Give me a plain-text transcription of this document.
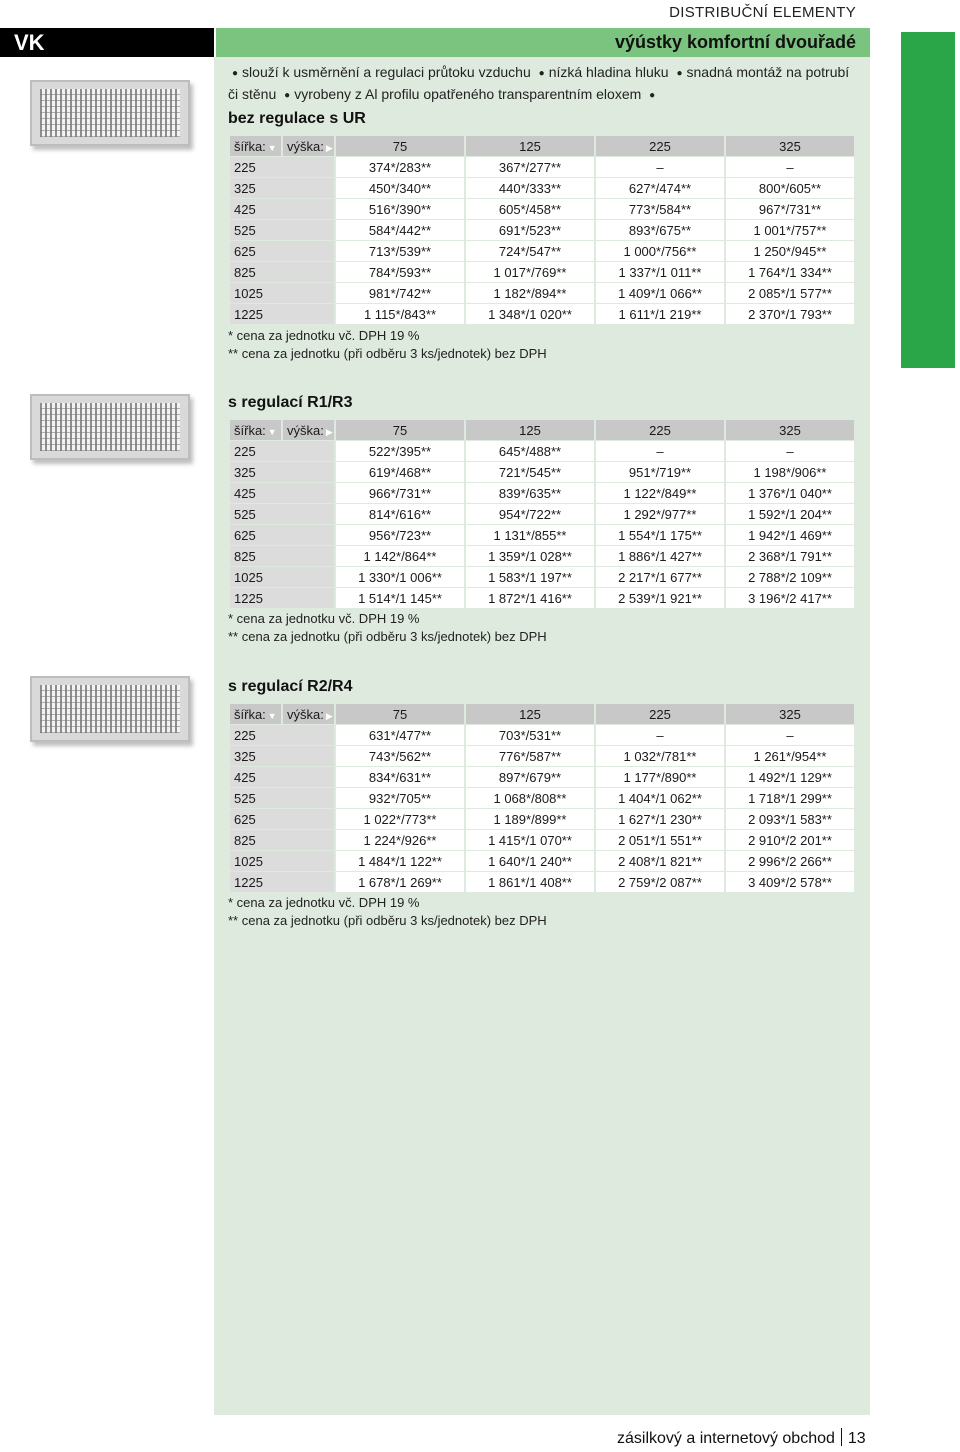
DISTRIBUČNÍ ELEMENTY
VK	výústky komfortní dvouřadé
● slouží k usměrnění a regulaci průtoku vzduchu ● nízká hladina hluku ● snadná montáž na potrubí či stěnu ● vyrobeny z Al profilu opatřeného transparentním eloxem ●
bez regulace s UR
šířka: ▼	výška: ▶	75	125	225	325
225		374*/283**	367*/277**	–	–
325		450*/340**	440*/333**	627*/474**	800*/605**
425		516*/390**	605*/458**	773*/584**	967*/731**
525		584*/442**	691*/523**	893*/675**	1 001*/757**
625		713*/539**	724*/547**	1 000*/756**	1 250*/945**
825		784*/593**	1 017*/769**	1 337*/1 011**	1 764*/1 334**
1025		981*/742**	1 182*/894**	1 409*/1 066**	2 085*/1 577**
1225		1 115*/843**	1 348*/1 020**	1 611*/1 219**	2 370*/1 793**
* cena za jednotku vč. DPH 19 %
** cena za jednotku (při odběru 3 ks/jednotek) bez DPH
s regulací R1/R3
šířka: ▼	výška: ▶	75	125	225	325
225		522*/395**	645*/488**	–	–
325		619*/468**	721*/545**	951*/719**	1 198*/906**
425		966*/731**	839*/635**	1 122*/849**	1 376*/1 040**
525		814*/616**	954*/722**	1 292*/977**	1 592*/1 204**
625		956*/723**	1 131*/855**	1 554*/1 175**	1 942*/1 469**
825		1 142*/864**	1 359*/1 028**	1 886*/1 427**	2 368*/1 791**
1025		1 330*/1 006**	1 583*/1 197**	2 217*/1 677**	2 788*/2 109**
1225		1 514*/1 145**	1 872*/1 416**	2 539*/1 921**	3 196*/2 417**
* cena za jednotku vč. DPH 19 %
** cena za jednotku (při odběru 3 ks/jednotek) bez DPH
s regulací R2/R4
šířka: ▼	výška: ▶	75	125	225	325
225		631*/477**	703*/531**	–	–
325		743*/562**	776*/587**	1 032*/781**	1 261*/954**
425		834*/631**	897*/679**	1 177*/890**	1 492*/1 129**
525		932*/705**	1 068*/808**	1 404*/1 062**	1 718*/1 299**
625		1 022*/773**	1 189*/899**	1 627*/1 230**	2 093*/1 583**
825		1 224*/926**	1 415*/1 070**	2 051*/1 551**	2 910*/2 201**
1025		1 484*/1 122**	1 640*/1 240**	2 408*/1 821**	2 996*/2 266**
1225		1 678*/1 269**	1 861*/1 408**	2 759*/2 087**	3 409*/2 578**
* cena za jednotku vč. DPH 19 %
** cena za jednotku (při odběru 3 ks/jednotek) bez DPH
zásilkový a internetový obchod 13
